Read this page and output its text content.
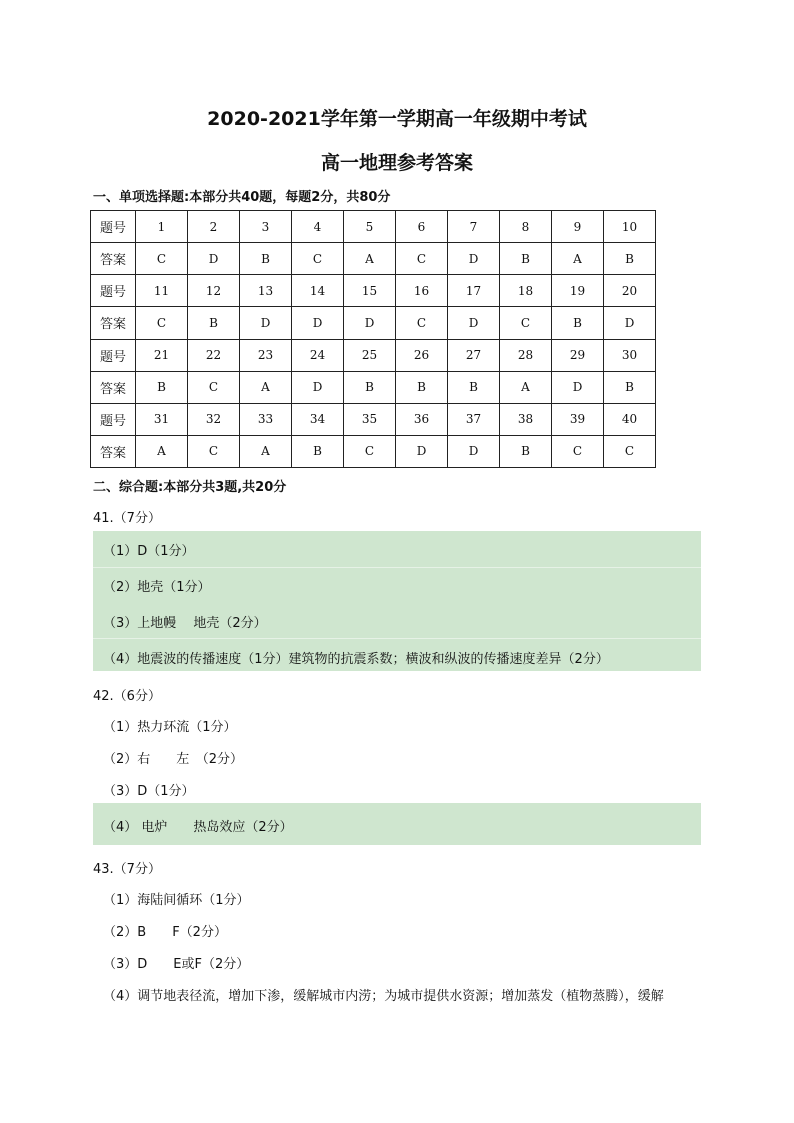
2020-2021学年第一学期高一年级期中考试
高一地理参考答案
一、单项选择题:本部分共40题，每题2分，共80分
题号	1	2	3	4	5	6	7	8	9	10
答案	C	D	B	C	A	C	D	B	A	B
题号	11	12	13	14	15	16	17	18	19	20
答案	C	B	D	D	D	C	D	C	B	D
题号	21	22	23	24	25	26	27	28	29	30
答案	B	C	A	D	B	B	B	A	D	B
题号	31	32	33	34	35	36	37	38	39	40
答案	A	C	A	B	C	D	D	B	C	C
二、综合题:本部分共3题,共20分
41.（7分）
（1）D（1分）
（2）地壳（1分）
（3）上地幔　 地壳（2分）
（4）地震波的传播速度（1分）建筑物的抗震系数；横波和纵波的传播速度差异（2分）
42.（6分）
（1）热力环流（1分）
（2）右　　左　（2分）
（3）D（1分）
（4） 电炉　　热岛效应（2分）
43.（7分）
（1）海陆间循环（1分）
（2）B　　F（2分）
（3）D　　E或F（2分）
（4）调节地表径流，增加下渗，缓解城市内涝；为城市提供水资源；增加蒸发（植物蒸腾），缓解
